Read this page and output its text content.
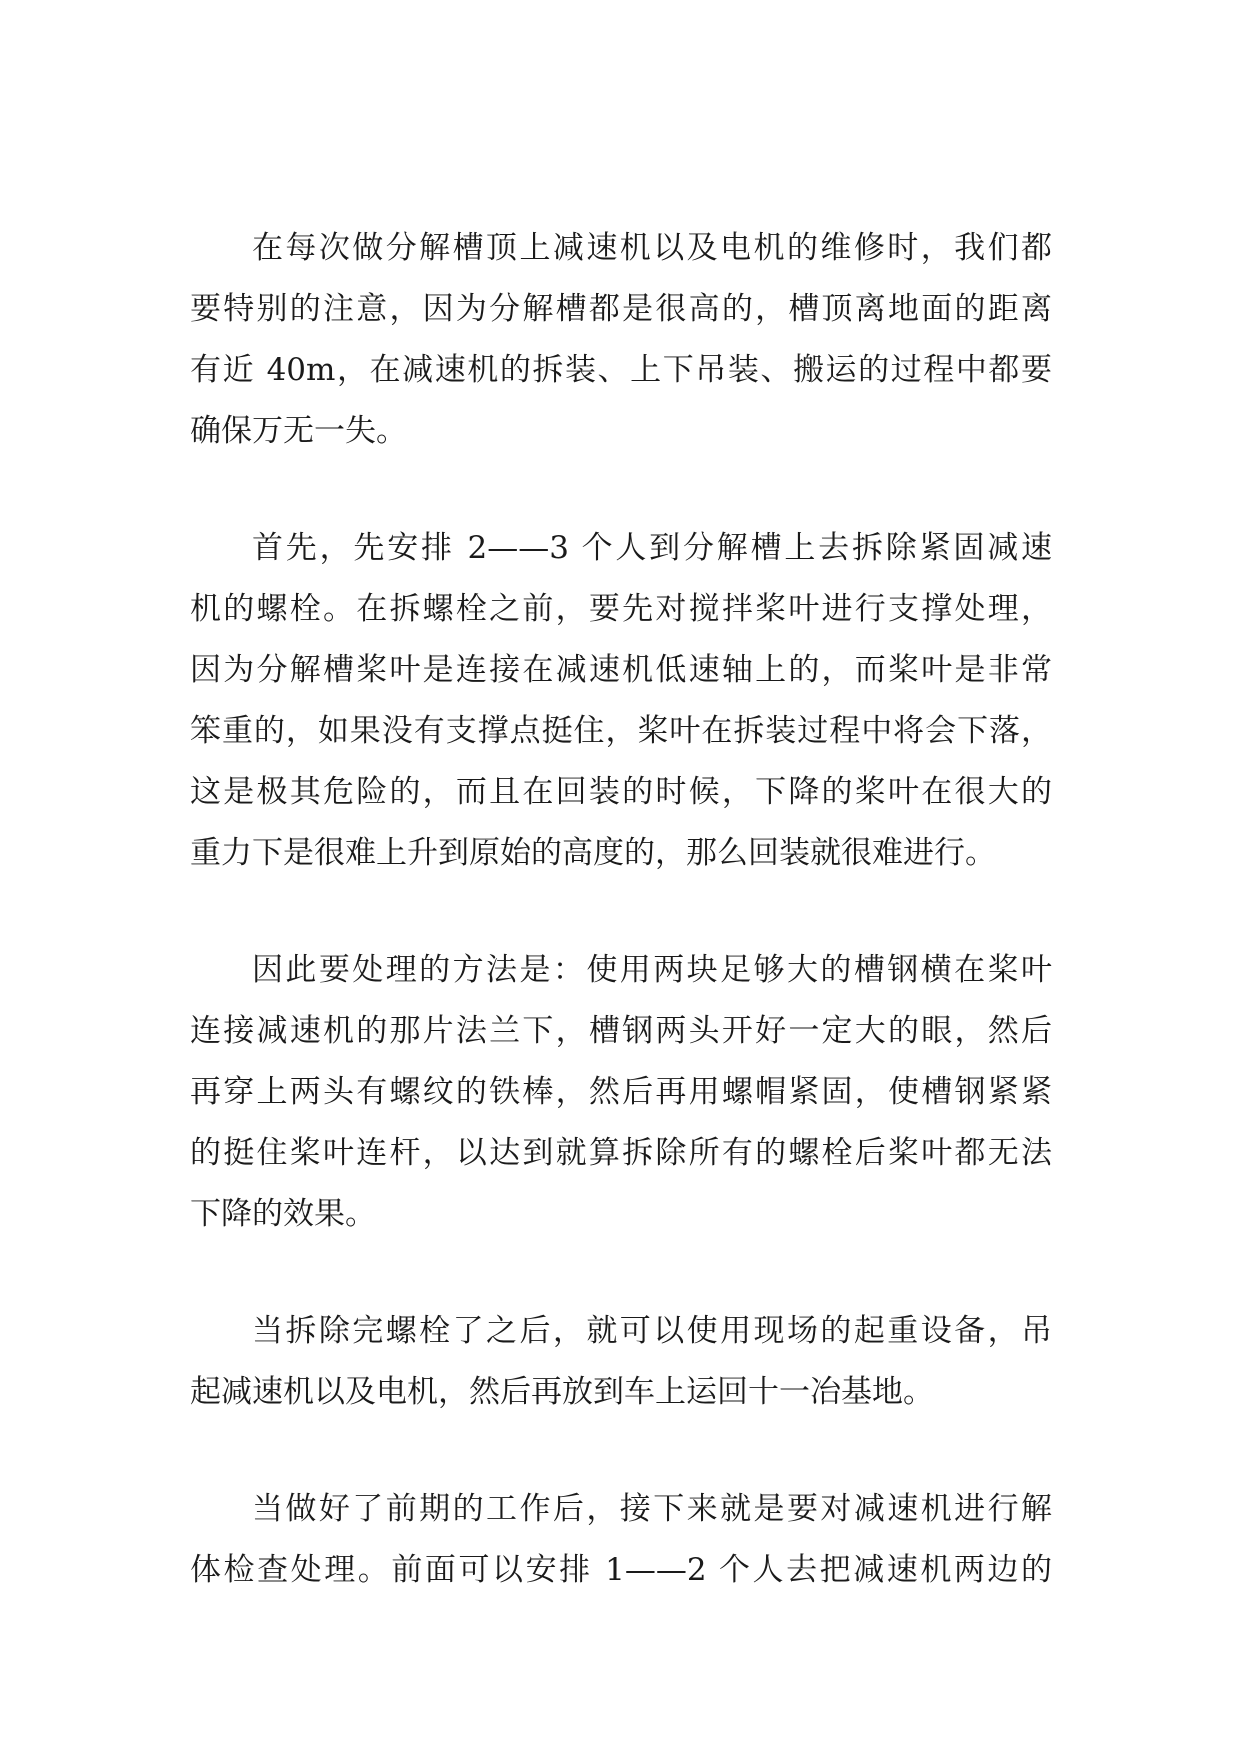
在每次做分解槽顶上减速机以及电机的维修时，我们都
要特别的注意，因为分解槽都是很高的，槽顶离地面的距离
有近 40m，在减速机的拆装、上下吊装、搬运的过程中都要
确保万无一失。

首先，先安排 2——3 个人到分解槽上去拆除紧固减速
机的螺栓。在拆螺栓之前，要先对搅拌桨叶进行支撑处理，
因为分解槽桨叶是连接在减速机低速轴上的，而桨叶是非常
笨重的，如果没有支撑点挺住，桨叶在拆装过程中将会下落，
这是极其危险的，而且在回装的时候，下降的桨叶在很大的
重力下是很难上升到原始的高度的，那么回装就很难进行。

因此要处理的方法是：使用两块足够大的槽钢横在桨叶
连接减速机的那片法兰下，槽钢两头开好一定大的眼，然后
再穿上两头有螺纹的铁棒，然后再用螺帽紧固，使槽钢紧紧
的挺住桨叶连杆，以达到就算拆除所有的螺栓后桨叶都无法
下降的效果。

当拆除完螺栓了之后，就可以使用现场的起重设备，吊
起减速机以及电机，然后再放到车上运回十一冶基地。

当做好了前期的工作后，接下来就是要对减速机进行解
体检查处理。前面可以安排 1——2 个人去把减速机两边的
